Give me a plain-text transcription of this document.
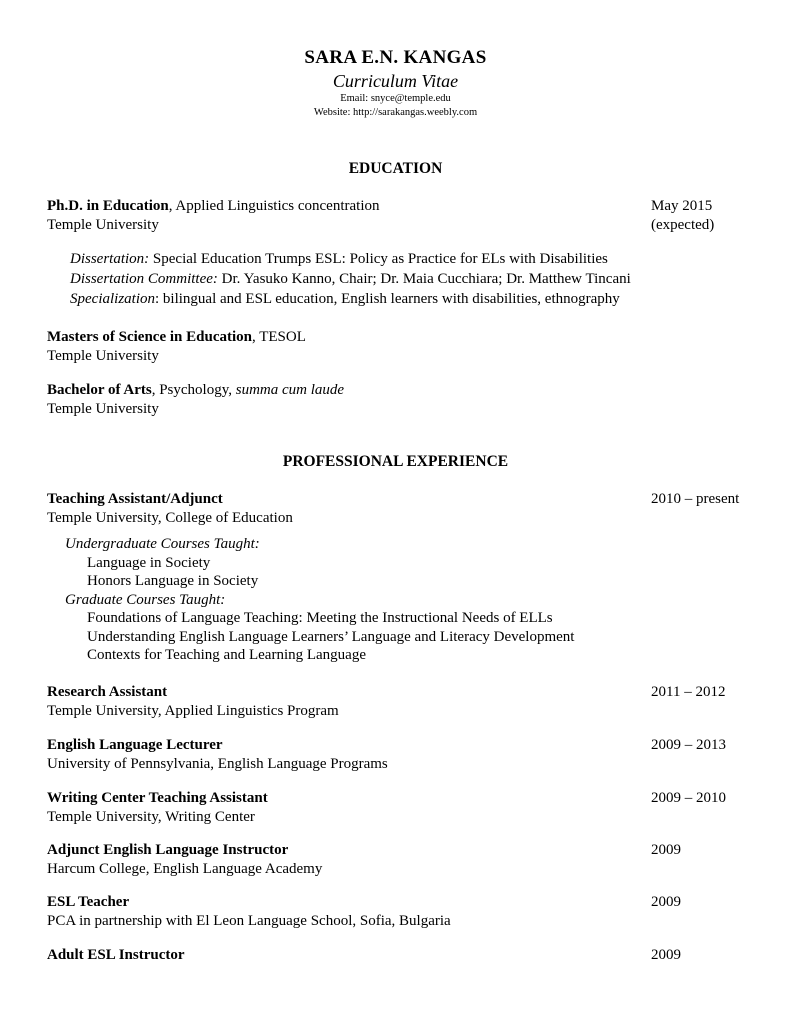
SARA E.N. KANGAS
Curriculum Vitae
Email: snyce@temple.edu
Website: http://sarakangas.weebly.com
EDUCATION
Ph.D. in Education, Applied Linguistics concentration
Temple University
May 2015
(expected)
Dissertation: Special Education Trumps ESL: Policy as Practice for ELs with Disabilities
Dissertation Committee: Dr. Yasuko Kanno, Chair; Dr. Maia Cucchiara; Dr. Matthew Tincani
Specialization: bilingual and ESL education, English learners with disabilities, ethnography
Masters of Science in Education, TESOL
Temple University
Bachelor of Arts, Psychology, summa cum laude
Temple University
PROFESSIONAL EXPERIENCE
Teaching Assistant/Adjunct
Temple University, College of Education
2010 – present
Undergraduate Courses Taught:
Language in Society
Honors Language in Society
Graduate Courses Taught:
Foundations of Language Teaching: Meeting the Instructional Needs of ELLs
Understanding English Language Learners’ Language and Literacy Development
Contexts for Teaching and Learning Language
Research Assistant
Temple University, Applied Linguistics Program
2011 – 2012
English Language Lecturer
University of Pennsylvania, English Language Programs
2009 – 2013
Writing Center Teaching Assistant
Temple University, Writing Center
2009 – 2010
Adjunct English Language Instructor
Harcum College, English Language Academy
2009
ESL Teacher
PCA in partnership with El Leon Language School, Sofia, Bulgaria
2009
Adult ESL Instructor	2009
